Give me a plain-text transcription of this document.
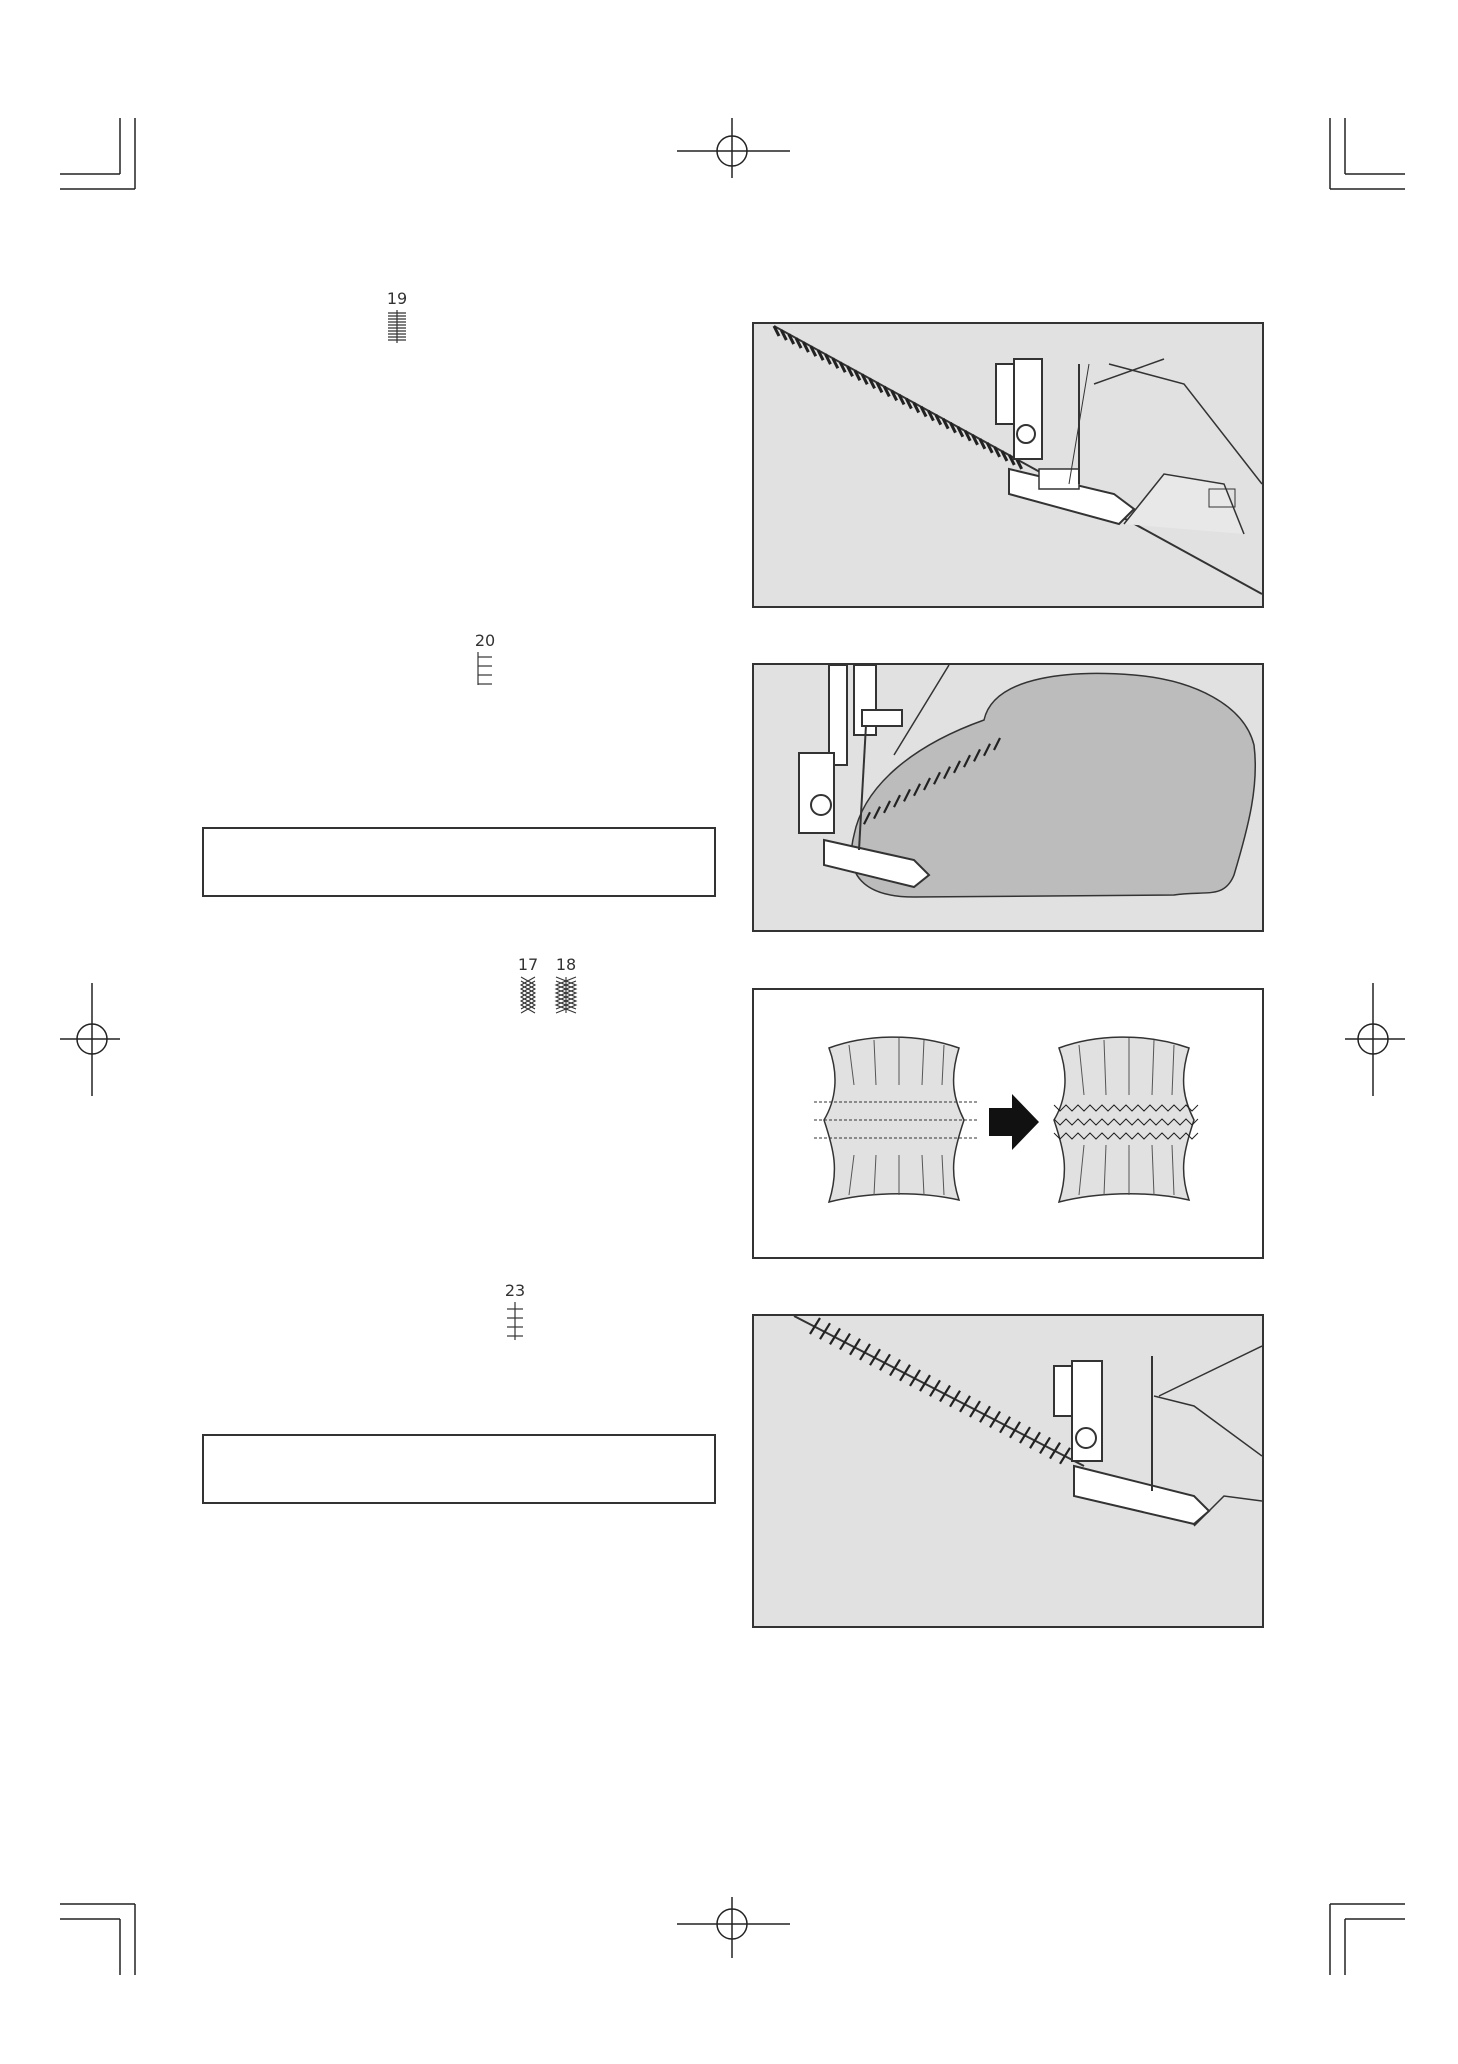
19
20
17 18
23
